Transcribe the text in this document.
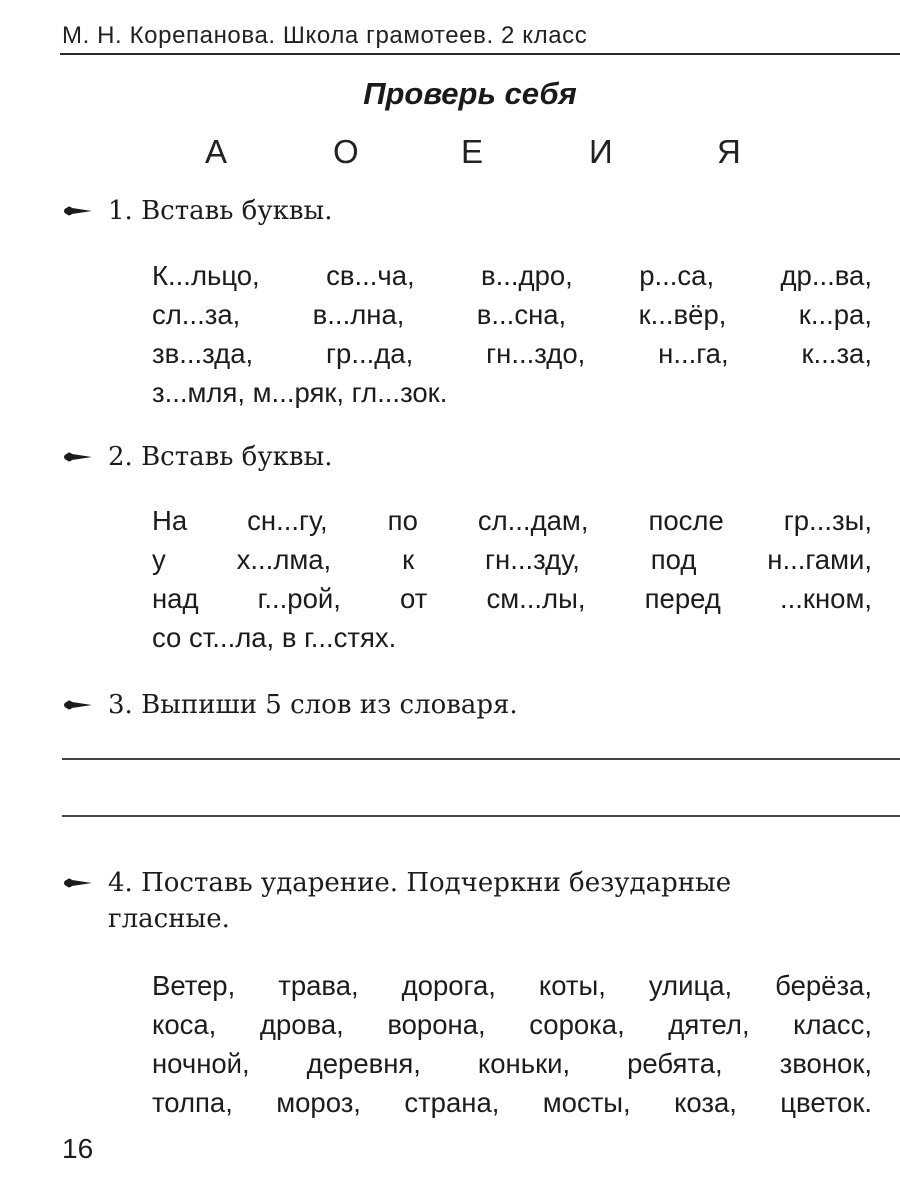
М. Н. Корепанова. Школа грамотеев. 2 класс
Проверь себя
А	О	Е	И	Я
1. Вставь буквы.
К...льцо, св...ча, в...дро, р...са, др...ва,
сл...за, в...лна, в...сна, к...вёр, к...ра,
зв...зда, гр...да, гн...здо, н...га, к...за,
з...мля, м...ряк, гл...зок.
2. Вставь буквы.
На сн...гу, по сл...дам, после гр...зы,
у х...лма, к гн...зду, под н...гами,
над г...рой, от см...лы, перед ...кном,
со ст...ла, в г...стях.
3. Выпиши 5 слов из словаря.
4. Поставь ударение. Подчеркни безударные
гласные.
Ветер, трава, дорога, коты, улица, берёза,
коса, дрова, ворона, сорока, дятел, класс,
ночной, деревня, коньки, ребята, звонок,
толпа, мороз, страна, мосты, коза, цветок.
16
